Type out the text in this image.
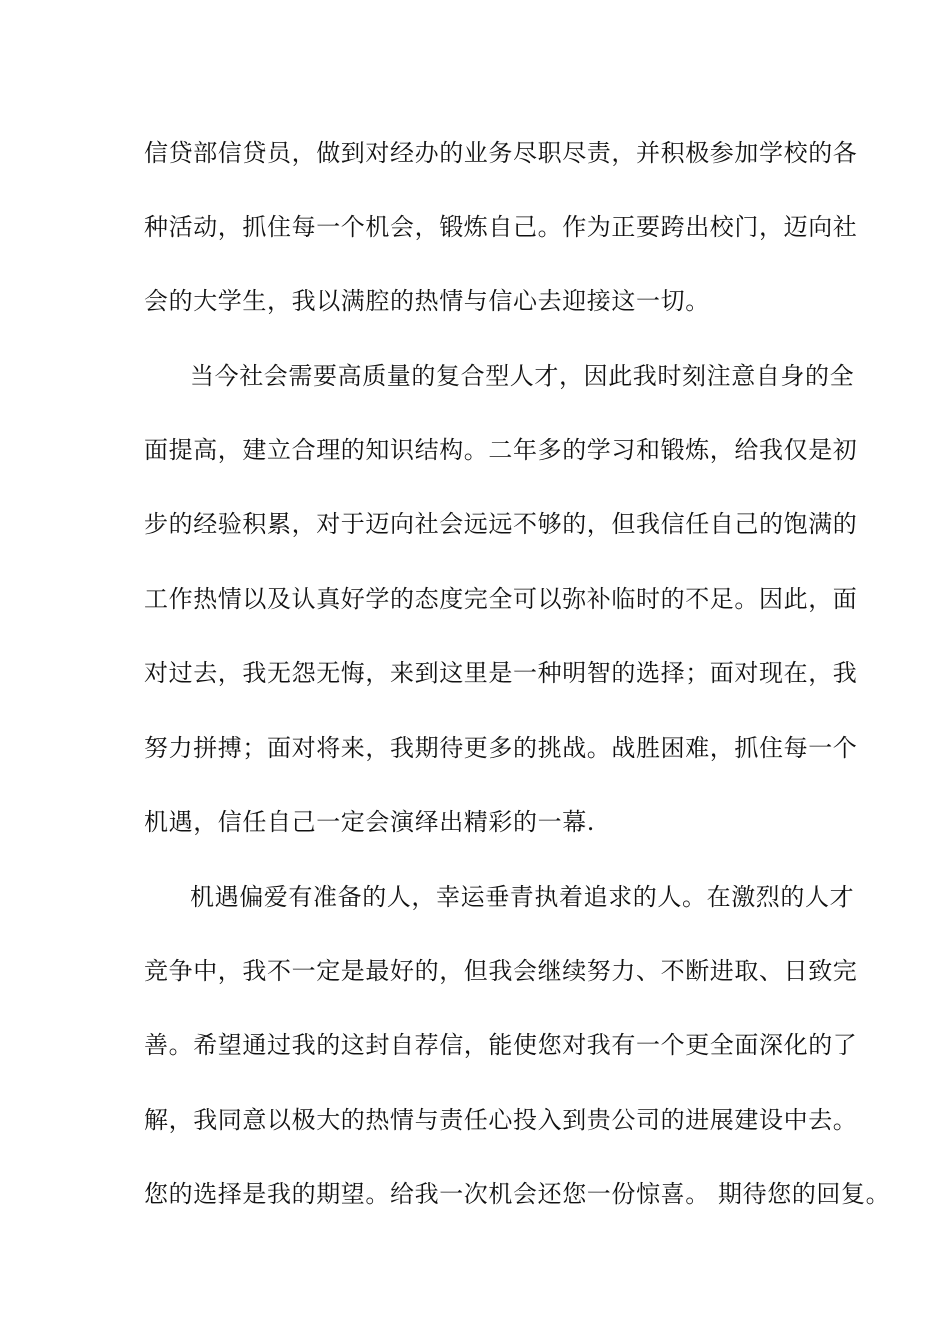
信贷部信贷员，做到对经办的业务尽职尽责，并积极参加学校的各
种活动，抓住每一个机会，锻炼自己。作为正要跨出校门，迈向社
会的大学生，我以满腔的热情与信心去迎接这一切。
当今社会需要高质量的复合型人才，因此我时刻注意自身的全
面提高，建立合理的知识结构。二年多的学习和锻炼，给我仅是初
步的经验积累，对于迈向社会远远不够的，但我信任自己的饱满的
工作热情以及认真好学的态度完全可以弥补临时的不足。因此，面
对过去，我无怨无悔，来到这里是一种明智的选择；面对现在，我
努力拼搏；面对将来，我期待更多的挑战。战胜困难，抓住每一个
机遇，信任自己一定会演绎出精彩的一幕.
机遇偏爱有准备的人，幸运垂青执着追求的人。在激烈的人才
竞争中，我不一定是最好的，但我会继续努力、不断进取、日致完
善。希望通过我的这封自荐信，能使您对我有一个更全面深化的了
解，我同意以极大的热情与责任心投入到贵公司的进展建设中去。
您的选择是我的期望。给我一次机会还您一份惊喜。 期待您的回复。
